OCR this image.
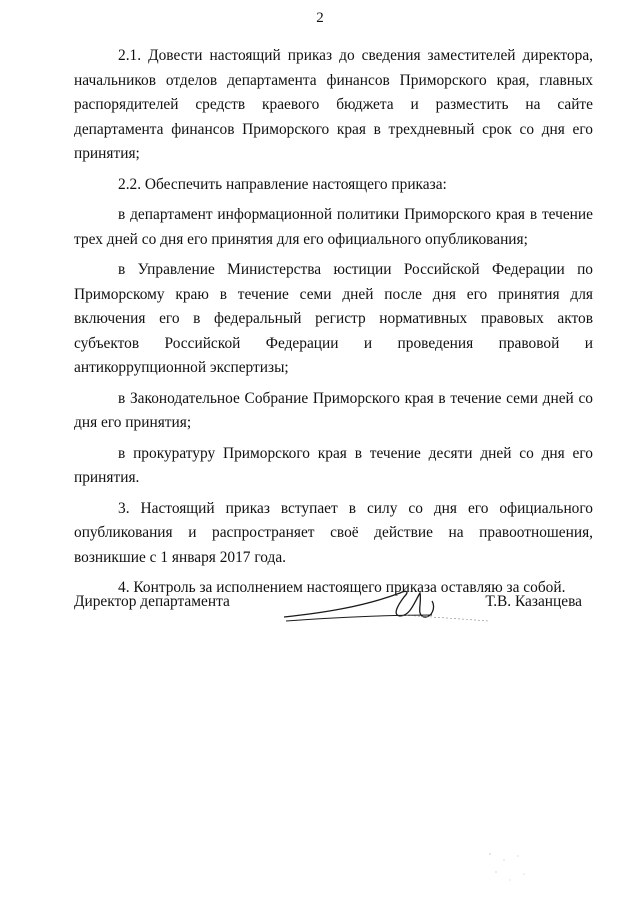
2

2.1. Довести настоящий приказ до сведения заместителей директора, начальников отделов департамента финансов Приморского края, главных распорядителей средств краевого бюджета и разместить на сайте департамента финансов Приморского края в трехдневный срок со дня его принятия;

2.2. Обеспечить направление настоящего приказа:

в департамент информационной политики Приморского края в течение трех дней со дня его принятия для его официального опубликования;

в Управление Министерства юстиции Российской Федерации по Приморскому краю в течение семи дней после дня его принятия для включения его в федеральный регистр нормативных правовых актов субъектов Российской Федерации и проведения правовой и антикоррупционной экспертизы;

в Законодательное Собрание Приморского края в течение семи дней со дня его принятия;

в прокуратуру Приморского края в течение десяти дней со дня его принятия.

3. Настоящий приказ вступает в силу со дня его официального опубликования и распространяет своё действие на правоотношения, возникшие с 1 января 2017 года.

4. Контроль за исполнением настоящего приказа оставляю за собой.

Директор департамента	Т.В. Казанцева
